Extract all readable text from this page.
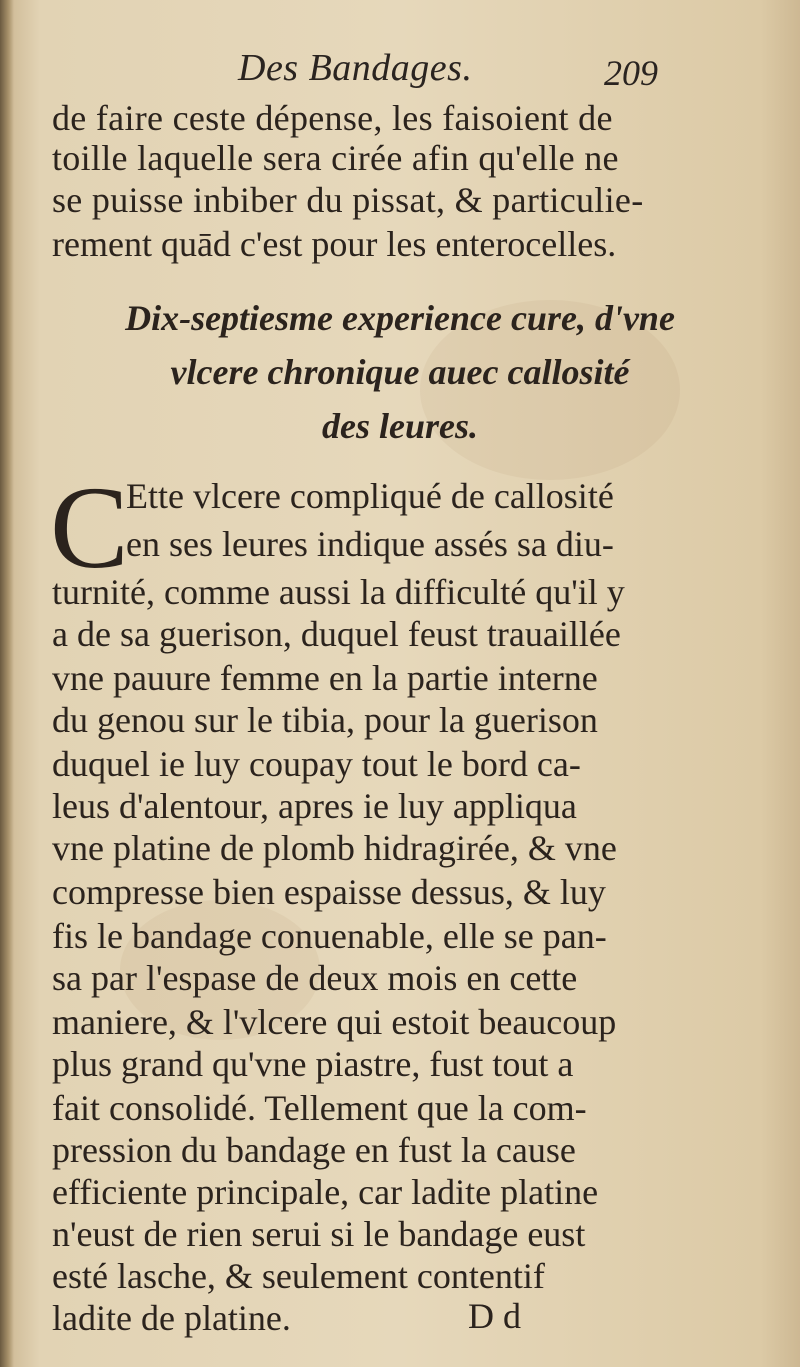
Des Bandages.	209
de faire ceste dépense, les faisoient de
toille laquelle sera cirée afin qu'elle ne
se puisse inbiber du pissat, & particulie-
rement quād c'est pour les enterocelles.
Dix-septiesme experience cure, d'vne
vlcere chronique auec callosité
des leures.
C
Ette vlcere compliqué de callosité
en ses leures indique assés sa diu-
turnité, comme aussi la difficulté qu'il y
a de sa guerison, duquel feust trauaillée
vne pauure femme en la partie interne
du genou sur le tibia, pour la guerison
duquel ie luy coupay tout le bord ca-
leus d'alentour, apres ie luy appliqua
vne platine de plomb hidragirée, & vne
compresse bien espaisse dessus, & luy
fis le bandage conuenable, elle se pan-
sa par l'espase de deux mois en cette
maniere, & l'vlcere qui estoit beaucoup
plus grand qu'vne piastre, fust tout a
fait consolidé. Tellement que la com-
pression du bandage en fust la cause
efficiente principale, car ladite platine
n'eust de rien serui si le bandage eust
esté lasche, & seulement contentif
ladite de platine.	D d
